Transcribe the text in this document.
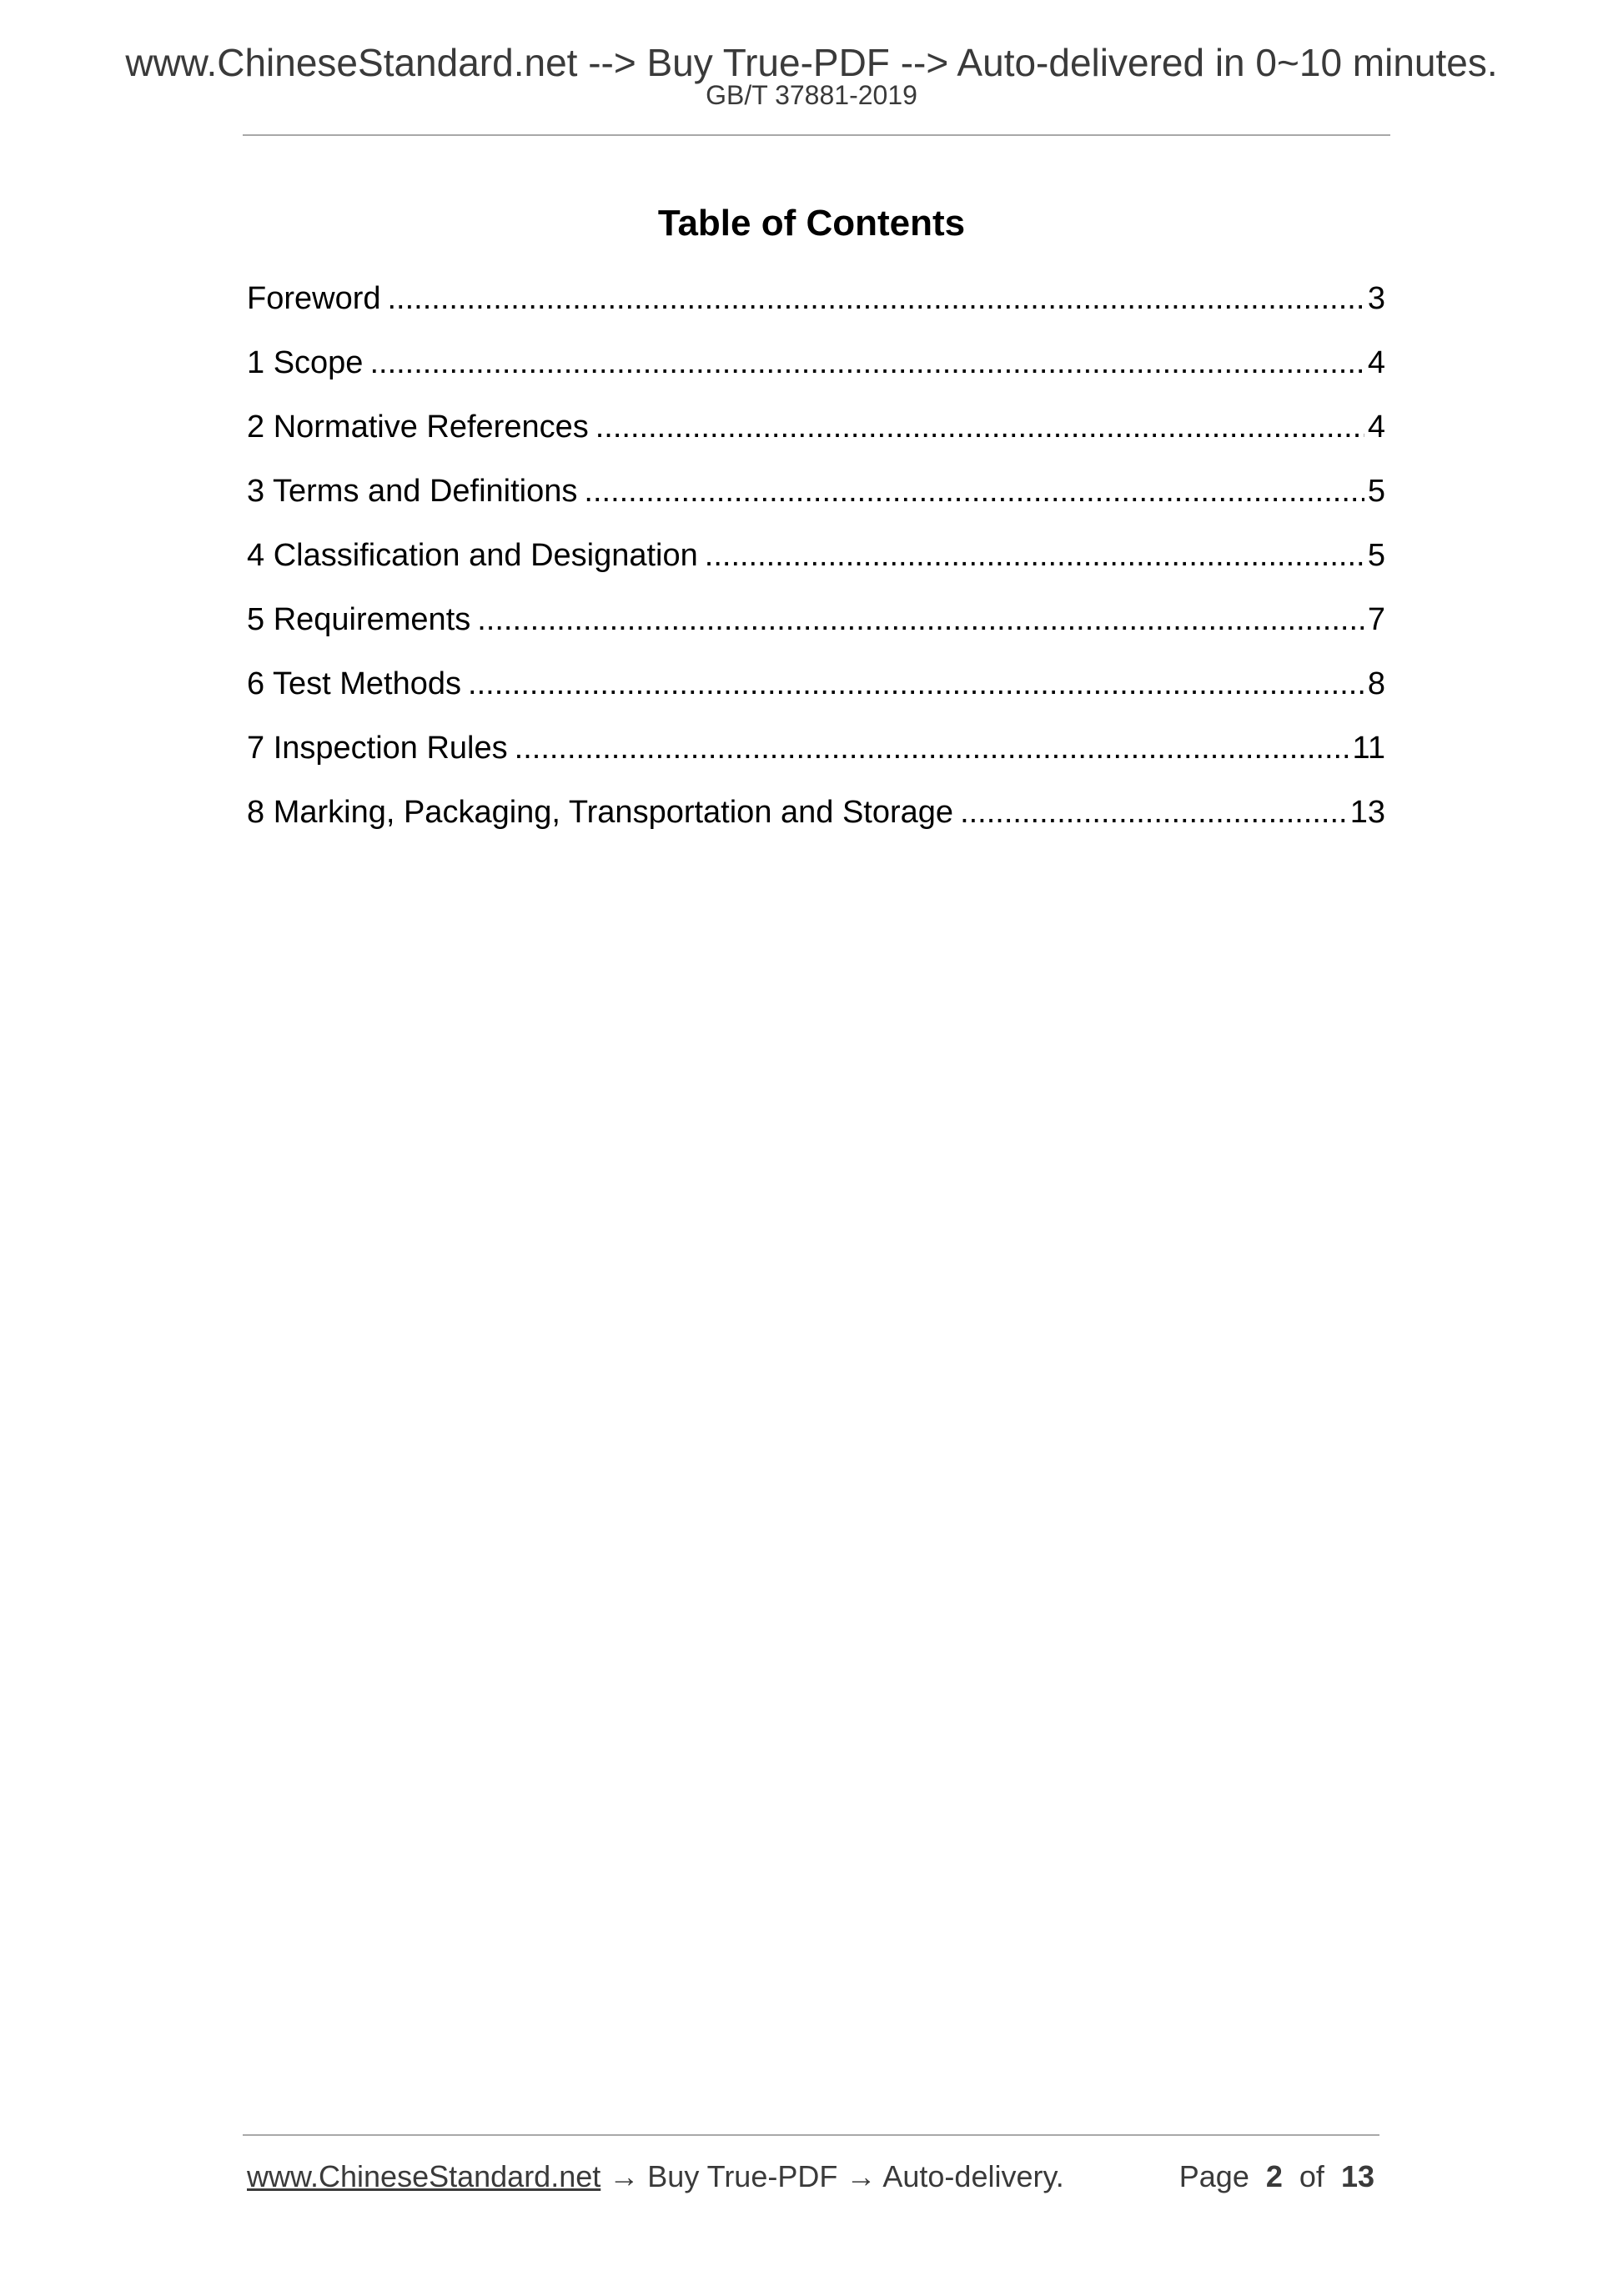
www.ChineseStandard.net --> Buy True-PDF --> Auto-delivered in 0~10 minutes.
GB/T 37881-2019
Table of Contents
Foreword .....	3
1 Scope .....	4
2 Normative References .....	4
3 Terms and Definitions .....	5
4 Classification and Designation .....	5
5 Requirements .....	7
6 Test Methods .....	8
7 Inspection Rules .....	11
8 Marking, Packaging, Transportation and Storage .....	13
www.ChineseStandard.net → Buy True-PDF → Auto-delivery.	Page 2 of 13
